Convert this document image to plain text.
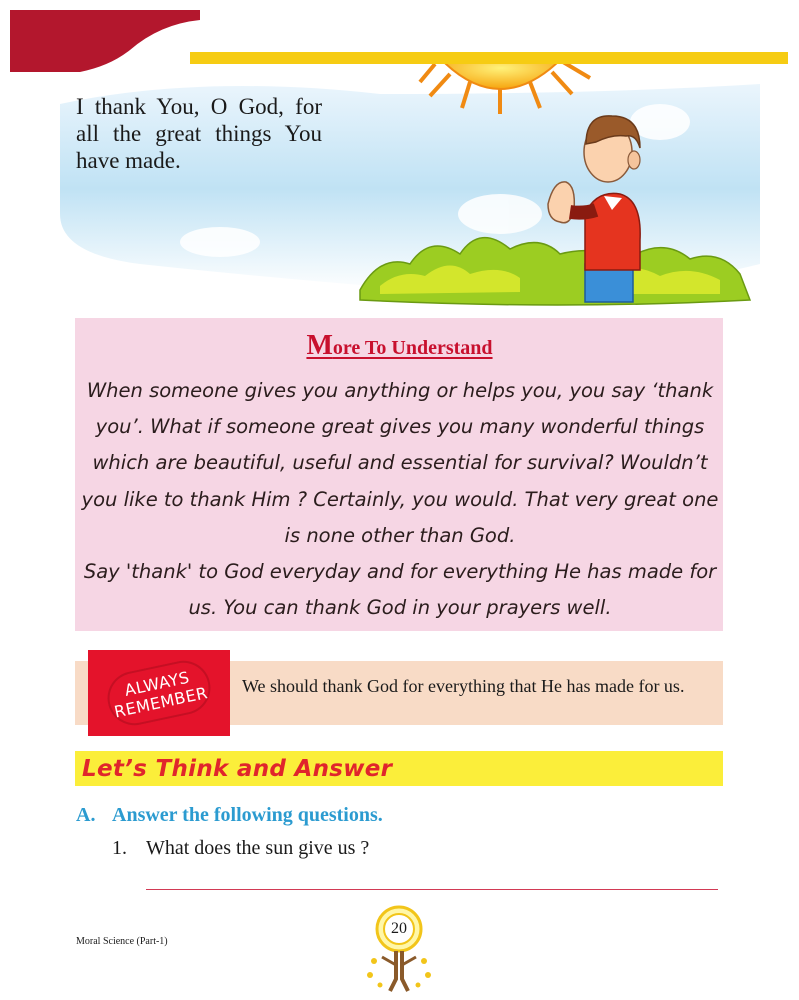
I thank You, O God, for all the great things You have made.
More To Understand

When someone gives you anything or helps you, you say ‘thank you’. What if someone great gives you many wonderful things which are beautiful, useful and essential for survival? Wouldn’t you like to thank Him ? Certainly, you would. That very great one is none other than God.

Say 'thank' to God everyday and for everything He has made for us. You can thank God in your prayers well.

ALWAYS
REMEMBER We should thank God for everything that He has made for us.
Let’s Think and Answer
A. Answer the following questions.
1. What does the sun give us ?
Moral Science (Part-1)
20
